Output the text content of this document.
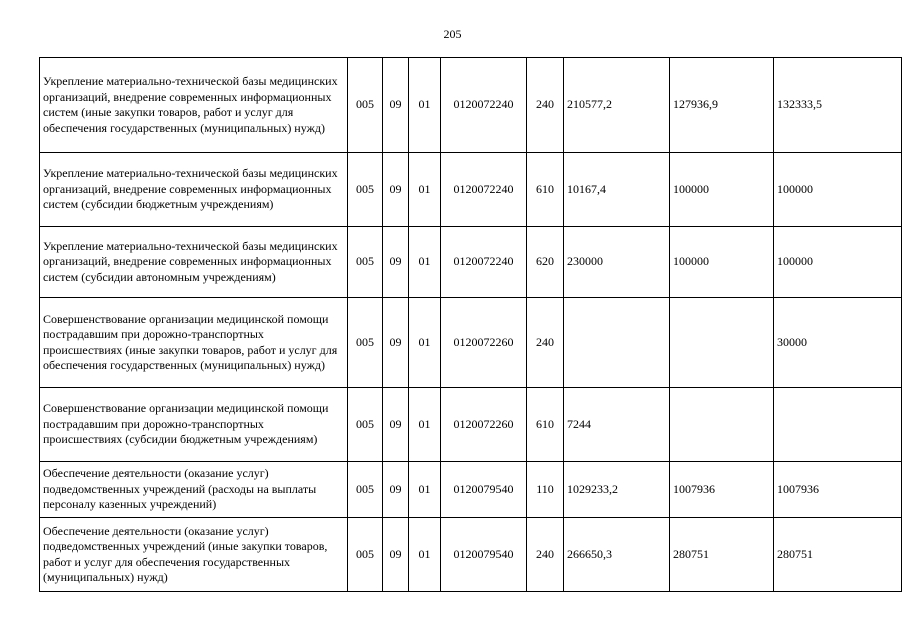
205
Укрепление материально-технической базы медицинских организаций, внедрение современных информационных систем (иные закупки товаров, работ и услуг для обеспечения государственных (муниципальных) нужд)	005	09	01	0120072240	240	210577,2	127936,9	132333,5
Укрепление материально-технической базы медицинских организаций, внедрение современных информационных систем (субсидии бюджетным учреждениям)	005	09	01	0120072240	610	10167,4	100000	100000
Укрепление материально-технической базы медицинских организаций, внедрение современных информационных систем (субсидии автономным учреждениям)	005	09	01	0120072240	620	230000	100000	100000
Совершенствование организации медицинской помощи пострадавшим при дорожно-транспортных происшествиях (иные закупки товаров, работ и услуг для обеспечения государственных (муниципальных) нужд)	005	09	01	0120072260	240			30000
Совершенствование организации медицинской помощи пострадавшим при дорожно-транспортных происшествиях (субсидии бюджетным учреждениям)	005	09	01	0120072260	610	7244		
Обеспечение деятельности (оказание услуг) подведомственных учреждений (расходы на выплаты персоналу казенных учреждений)	005	09	01	0120079540	110	1029233,2	1007936	1007936
Обеспечение деятельности (оказание услуг) подведомственных учреждений (иные закупки товаров, работ и услуг для обеспечения государственных (муниципальных) нужд)	005	09	01	0120079540	240	266650,3	280751	280751
